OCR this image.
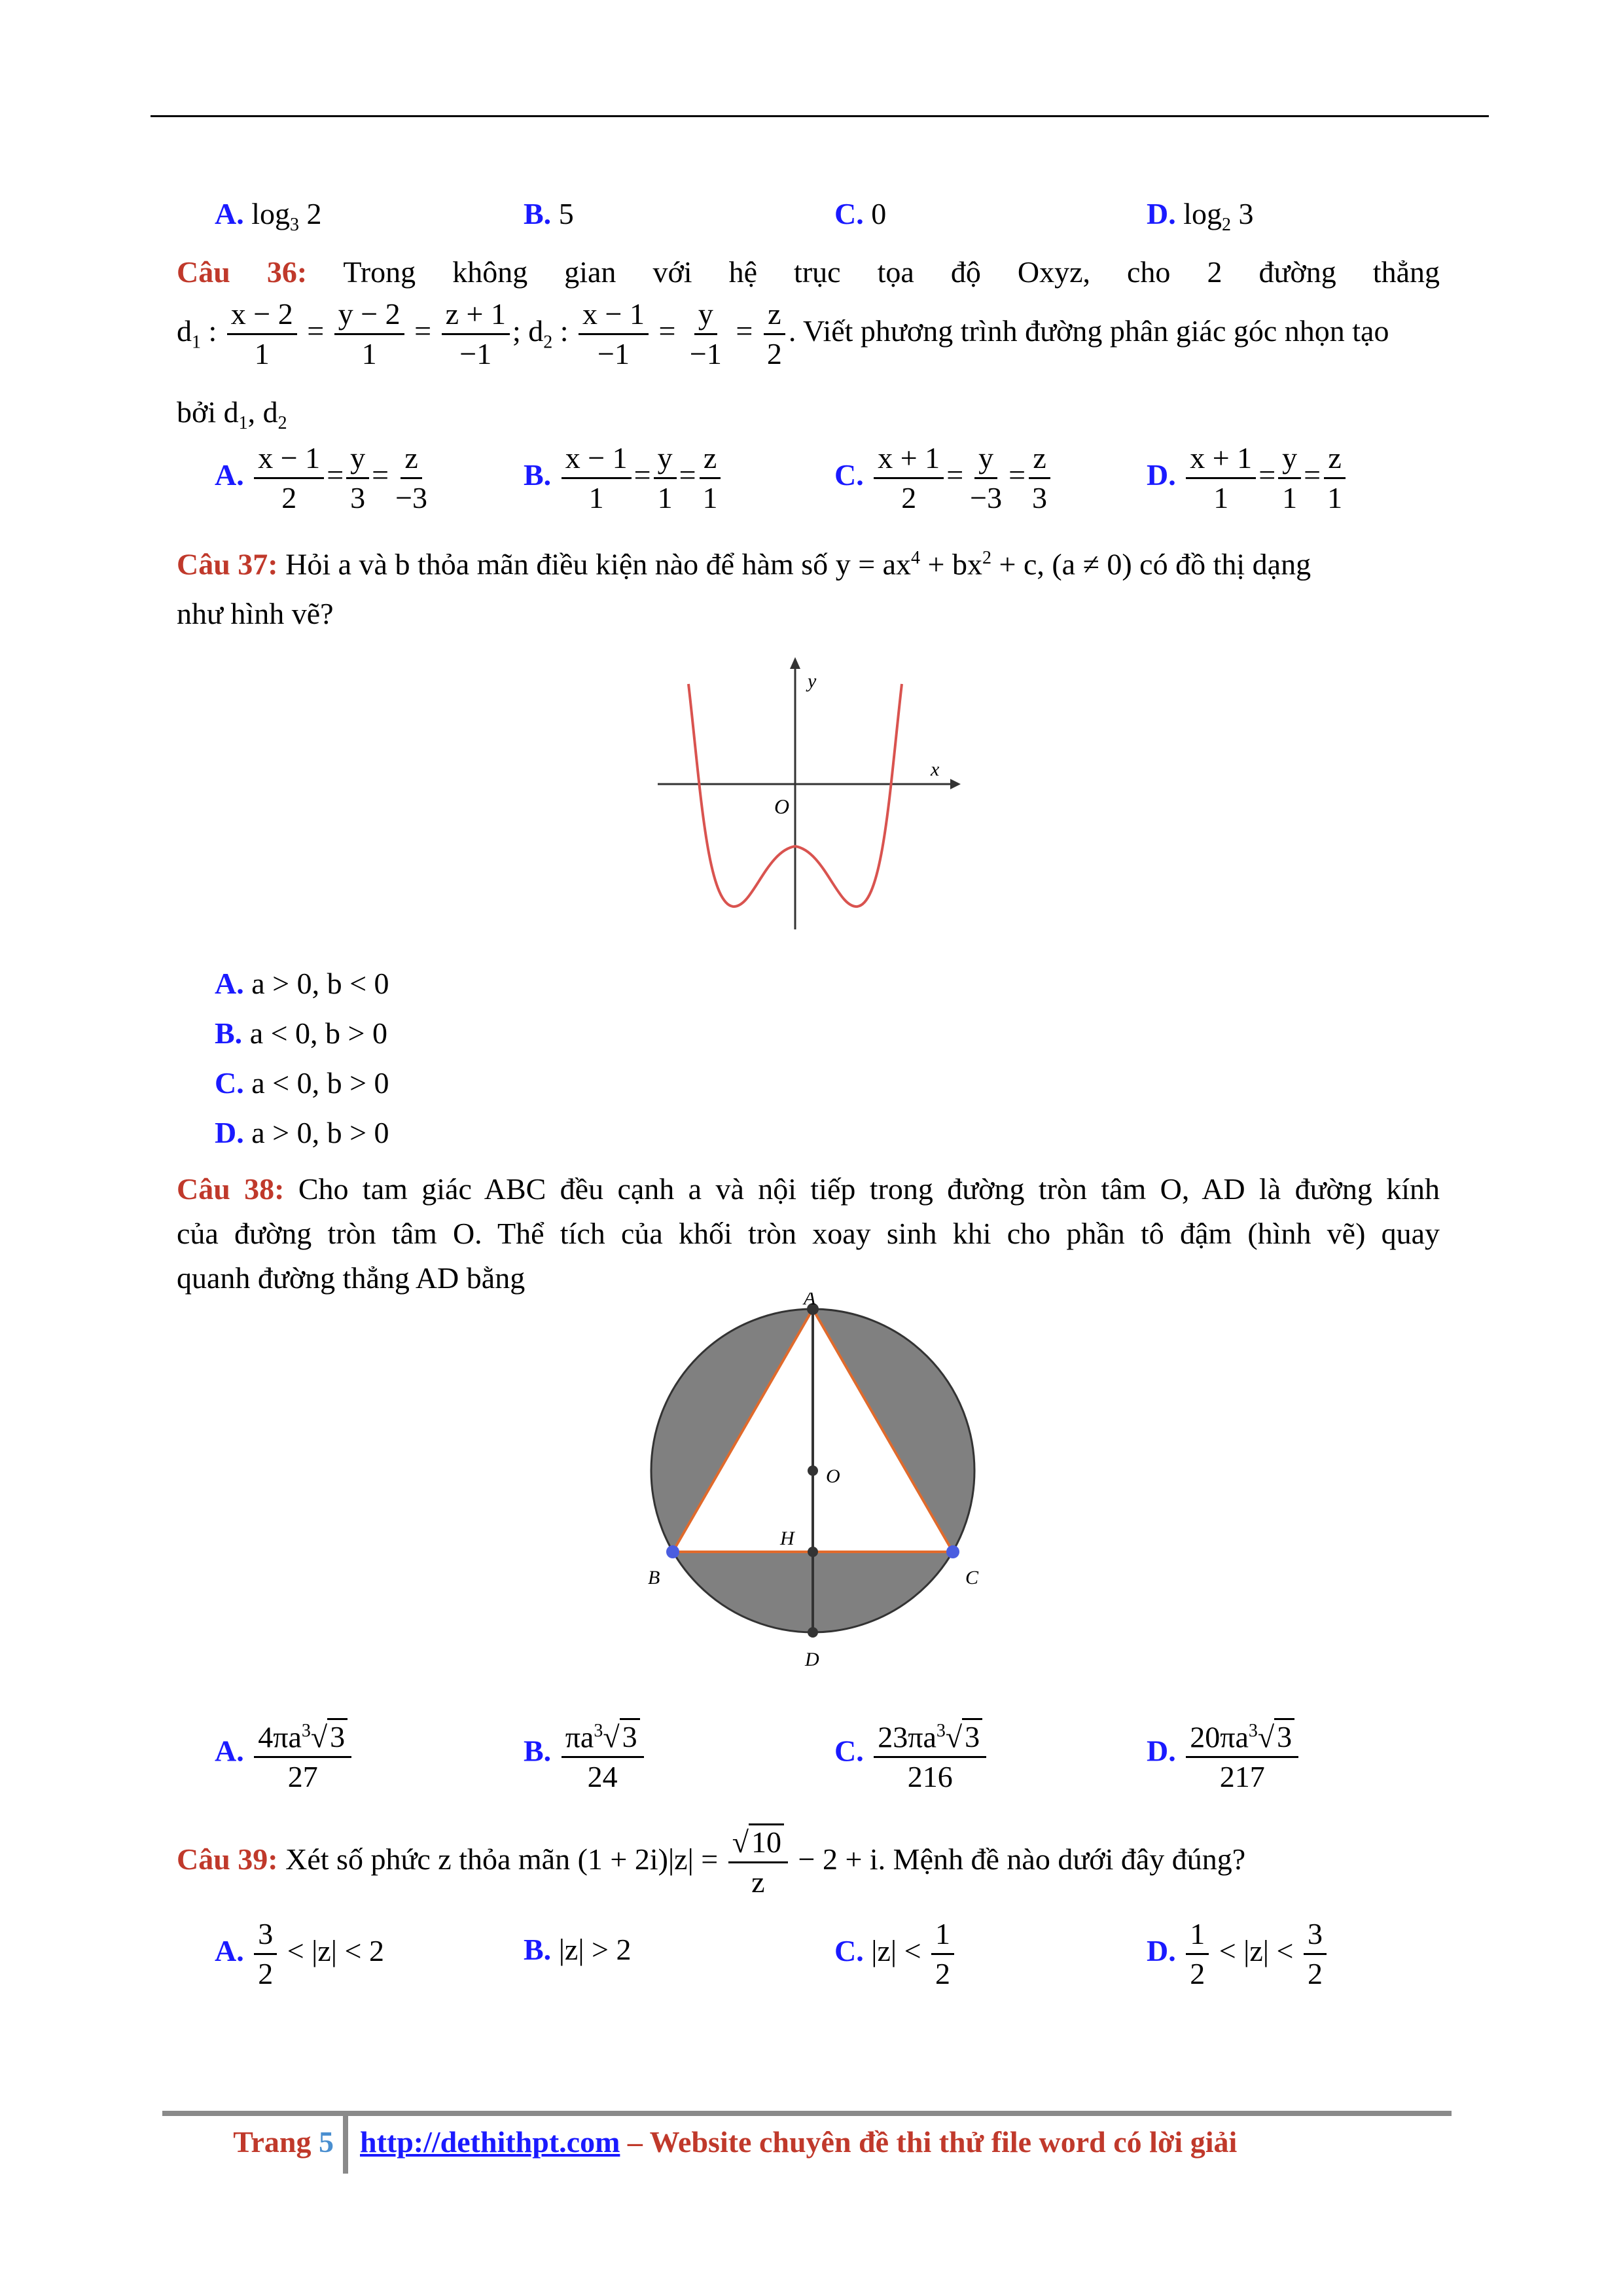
A. $\log_3 2$	B. 5	C. 0	D. $\log_2 3$
Câu 36: Trong không gian với hệ trục tọa độ Oxyz, cho 2 đường thẳng
$d_1$ : $\frac{x - 2}{1} = \frac{y - 2}{1} = \frac{z + 1}{-1}$ ; $d_2$ : $\frac{x - 1}{-1} = \frac{y}{-1} = \frac{z}{2}$ . Viết phương trình đường phân giác góc nhọn tạo
bởi $d_1$, $d_2$
A. $\frac{x - 1}{2} = \frac{y}{3} = \frac{z}{-3}$	B. $\frac{x - 1}{1} = \frac{y}{1} = \frac{z}{1}$	C. $\frac{x + 1}{2} = \frac{y}{-3} = \frac{z}{3}$	D. $\frac{x + 1}{1} = \frac{y}{1} = \frac{z}{1}$
Câu 37: Hỏi a và b thỏa mãn điều kiện nào để hàm số $y = ax^4 + bx^2 + c$, (a ≠ 0) có đồ thị dạng
như hình vẽ?
x
y
O
A. a > 0, b < 0
B. a < 0, b > 0
C. a < 0, b > 0
D. a > 0, b > 0
Câu 38: Cho tam giác ABC đều cạnh a và nội tiếp trong đường tròn tâm O, AD là đường kính
của đường tròn tâm O. Thể tích của khối tròn xoay sinh khi cho phần tô đậm (hình vẽ) quay
quanh đường thẳng AD bằng
A
O
H
B	C
D
A. $\frac{4\pi a^3√3}{27}$	B. $\frac{\pi a^3√3}{24}$	C. $\frac{23\pi a^3√3}{216}$	D. $\frac{20\pi a^3√3}{217}$
Câu 39: Xét số phức z thỏa mãn $(1 + 2i)|z| = \frac{√10}{z} - 2 + i$. Mệnh đề nào dưới đây đúng?
A. $\frac{3}{2} < |z| < 2$	B. |z| > 2	C. $|z| < \frac{1}{2}$	D. $\frac{1}{2} < |z| < \frac{3}{2}$
Trang 5 http://dethithpt.com – Website chuyên đề thi thử file word có lời giải
